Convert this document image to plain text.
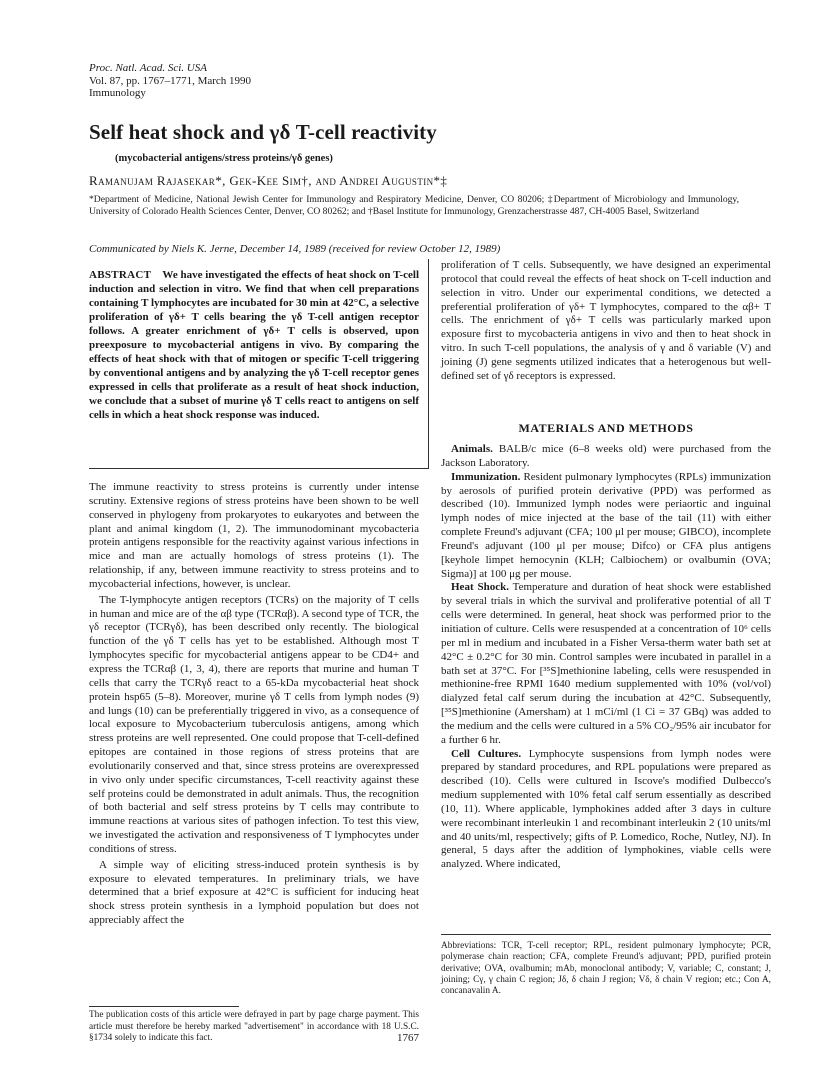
Proc. Natl. Acad. Sci. USA
Vol. 87, pp. 1767–1771, March 1990
Immunology
Self heat shock and γδ T-cell reactivity
(mycobacterial antigens/stress proteins/γδ genes)
Ramanujam Rajasekar*, Gek-Kee Sim†, and Andrei Augustin*‡
*Department of Medicine, National Jewish Center for Immunology and Respiratory Medicine, Denver, CO 80206; ‡Department of Microbiology and Immunology, University of Colorado Health Sciences Center, Denver, CO 80262; and †Basel Institute for Immunology, Grenzacherstrasse 487, CH-4005 Basel, Switzerland
Communicated by Niels K. Jerne, December 14, 1989 (received for review October 12, 1989)
ABSTRACT We have investigated the effects of heat shock on T-cell induction and selection in vitro. We find that when cell preparations containing T lymphocytes are incubated for 30 min at 42°C, a selective proliferation of γδ+ T cells bearing the γδ T-cell antigen receptor follows. A greater enrichment of γδ+ T cells is observed, upon preexposure to mycobacterial antigens in vivo. By comparing the effects of heat shock with that of mitogen or specific T-cell triggering by conventional antigens and by analyzing the γδ T-cell receptor genes expressed in cells that proliferate as a result of heat shock induction, we conclude that a subset of murine γδ T cells react to antigens on self cells in which a heat shock response was induced.

The immune reactivity to stress proteins is currently under intense scrutiny. Extensive regions of stress proteins have been shown to be well conserved in phylogeny from prokaryotes to eukaryotes and between the plant and animal kingdom (1, 2). The immunodominant mycobacteria protein antigens responsible for the reactivity against various infections in mice and man are actually homologs of stress proteins (1). The relationship, if any, between immune reactivity to stress proteins and to mycobacterial infections, however, is unclear.

The T-lymphocyte antigen receptors (TCRs) on the majority of T cells in human and mice are of the αβ type (TCRαβ). A second type of TCR, the γδ receptor (TCRγδ), has been described only recently. The biological function of the γδ T cells has yet to be established. Although most T lymphocytes specific for mycobacterial antigens appear to be CD4+ and express the TCRαβ (1, 3, 4), there are reports that murine and human T cells that carry the TCRγδ react to a 65-kDa mycobacterial heat shock protein hsp65 (5–8). Moreover, murine γδ T cells from lymph nodes (9) and lungs (10) can be preferentially triggered in vivo, as a consequence of local exposure to Mycobacterium tuberculosis antigens, among which stress proteins are well represented. One could propose that T-cell-defined epitopes are contained in those regions of stress proteins that are evolutionarily conserved and that, since stress proteins are overexpressed in vivo only under specific circumstances, T-cell reactivity against these self proteins could be demonstrated in adult animals. Thus, the recognition of both bacterial and self stress proteins by T cells may contribute to immune reactions at various sites of pathogen infection. To test this view, we investigated the activation and responsiveness of T lymphocytes under conditions of stress.

A simple way of eliciting stress-induced protein synthesis is by exposure to elevated temperatures. In preliminary trials, we have determined that a brief exposure at 42°C is sufficient for inducing heat shock stress protein synthesis in a lymphoid population but does not appreciably affect the

The publication costs of this article were defrayed in part by page charge payment. This article must therefore be hereby marked "advertisement" in accordance with 18 U.S.C. §1734 solely to indicate this fact.

proliferation of T cells. Subsequently, we have designed an experimental protocol that could reveal the effects of heat shock on T-cell induction and selection in vitro. Under our experimental conditions, we detected a preferential proliferation of γδ+ T lymphocytes, compared to the αβ+ T cells. The enrichment of γδ+ T cells was particularly marked upon exposure first to mycobacteria antigens in vivo and then to heat shock in vitro. In such T-cell populations, the analysis of γ and δ variable (V) and joining (J) gene segments utilized indicates that a heterogenous but well-defined set of γδ receptors is expressed.

MATERIALS AND METHODS

Animals. BALB/c mice (6–8 weeks old) were purchased from the Jackson Laboratory.

Immunization. Resident pulmonary lymphocytes (RPLs) immunization by aerosols of purified protein derivative (PPD) was performed as described (10). Immunized lymph nodes were periaortic and inguinal lymph nodes of mice injected at the base of the tail (11) with either complete Freund's adjuvant (CFA; 100 μl per mouse; GIBCO), incomplete Freund's adjuvant (100 μl per mouse; Difco) or CFA plus antigens [keyhole limpet hemocynin (KLH; Calbiochem) or ovalbumin (OVA; Sigma)] at 100 μg per mouse.

Heat Shock. Temperature and duration of heat shock were established by several trials in which the survival and proliferative potential of all T cells were determined. In general, heat shock was performed prior to the initiation of culture. Cells were resuspended at a concentration of 10⁶ cells per ml in medium and incubated in a Fisher Versa-therm water bath set at 42°C ± 0.2°C for 30 min. Control samples were incubated in parallel in a bath set at 37°C. For [³⁵S]methionine labeling, cells were resuspended in methionine-free RPMI 1640 medium supplemented with 10% (vol/vol) dialyzed fetal calf serum during the incubation at 42°C. Subsequently, [³⁵S]methionine (Amersham) at 1 mCi/ml (1 Ci = 37 GBq) was added to the medium and the cells were cultured in a 5% CO₂/95% air incubator for a further 6 hr.

Cell Cultures. Lymphocyte suspensions from lymph nodes were prepared by standard procedures, and RPL populations were prepared as described (10). Cells were cultured in Iscove's modified Dulbecco's medium supplemented with 10% fetal calf serum essentially as described (10, 11). Where applicable, lymphokines added after 3 days in culture were recombinant interleukin 1 and recombinant interleukin 2 (10 units/ml and 40 units/ml, respectively; gifts of P. Lomedico, Roche, Nutley, NJ). In general, 5 days after the addition of lymphokines, viable cells were analyzed. Where indicated,

Abbreviations: TCR, T-cell receptor; RPL, resident pulmonary lymphocyte; PCR, polymerase chain reaction; CFA, complete Freund's adjuvant; PPD, purified protein derivative; OVA, ovalbumin; mAb, monoclonal antibody; V, variable; C, constant; J, joining; Cγ, γ chain C region; Jδ, δ chain J region; Vδ, δ chain V region; etc.; Con A, concanavalin A.
1767
